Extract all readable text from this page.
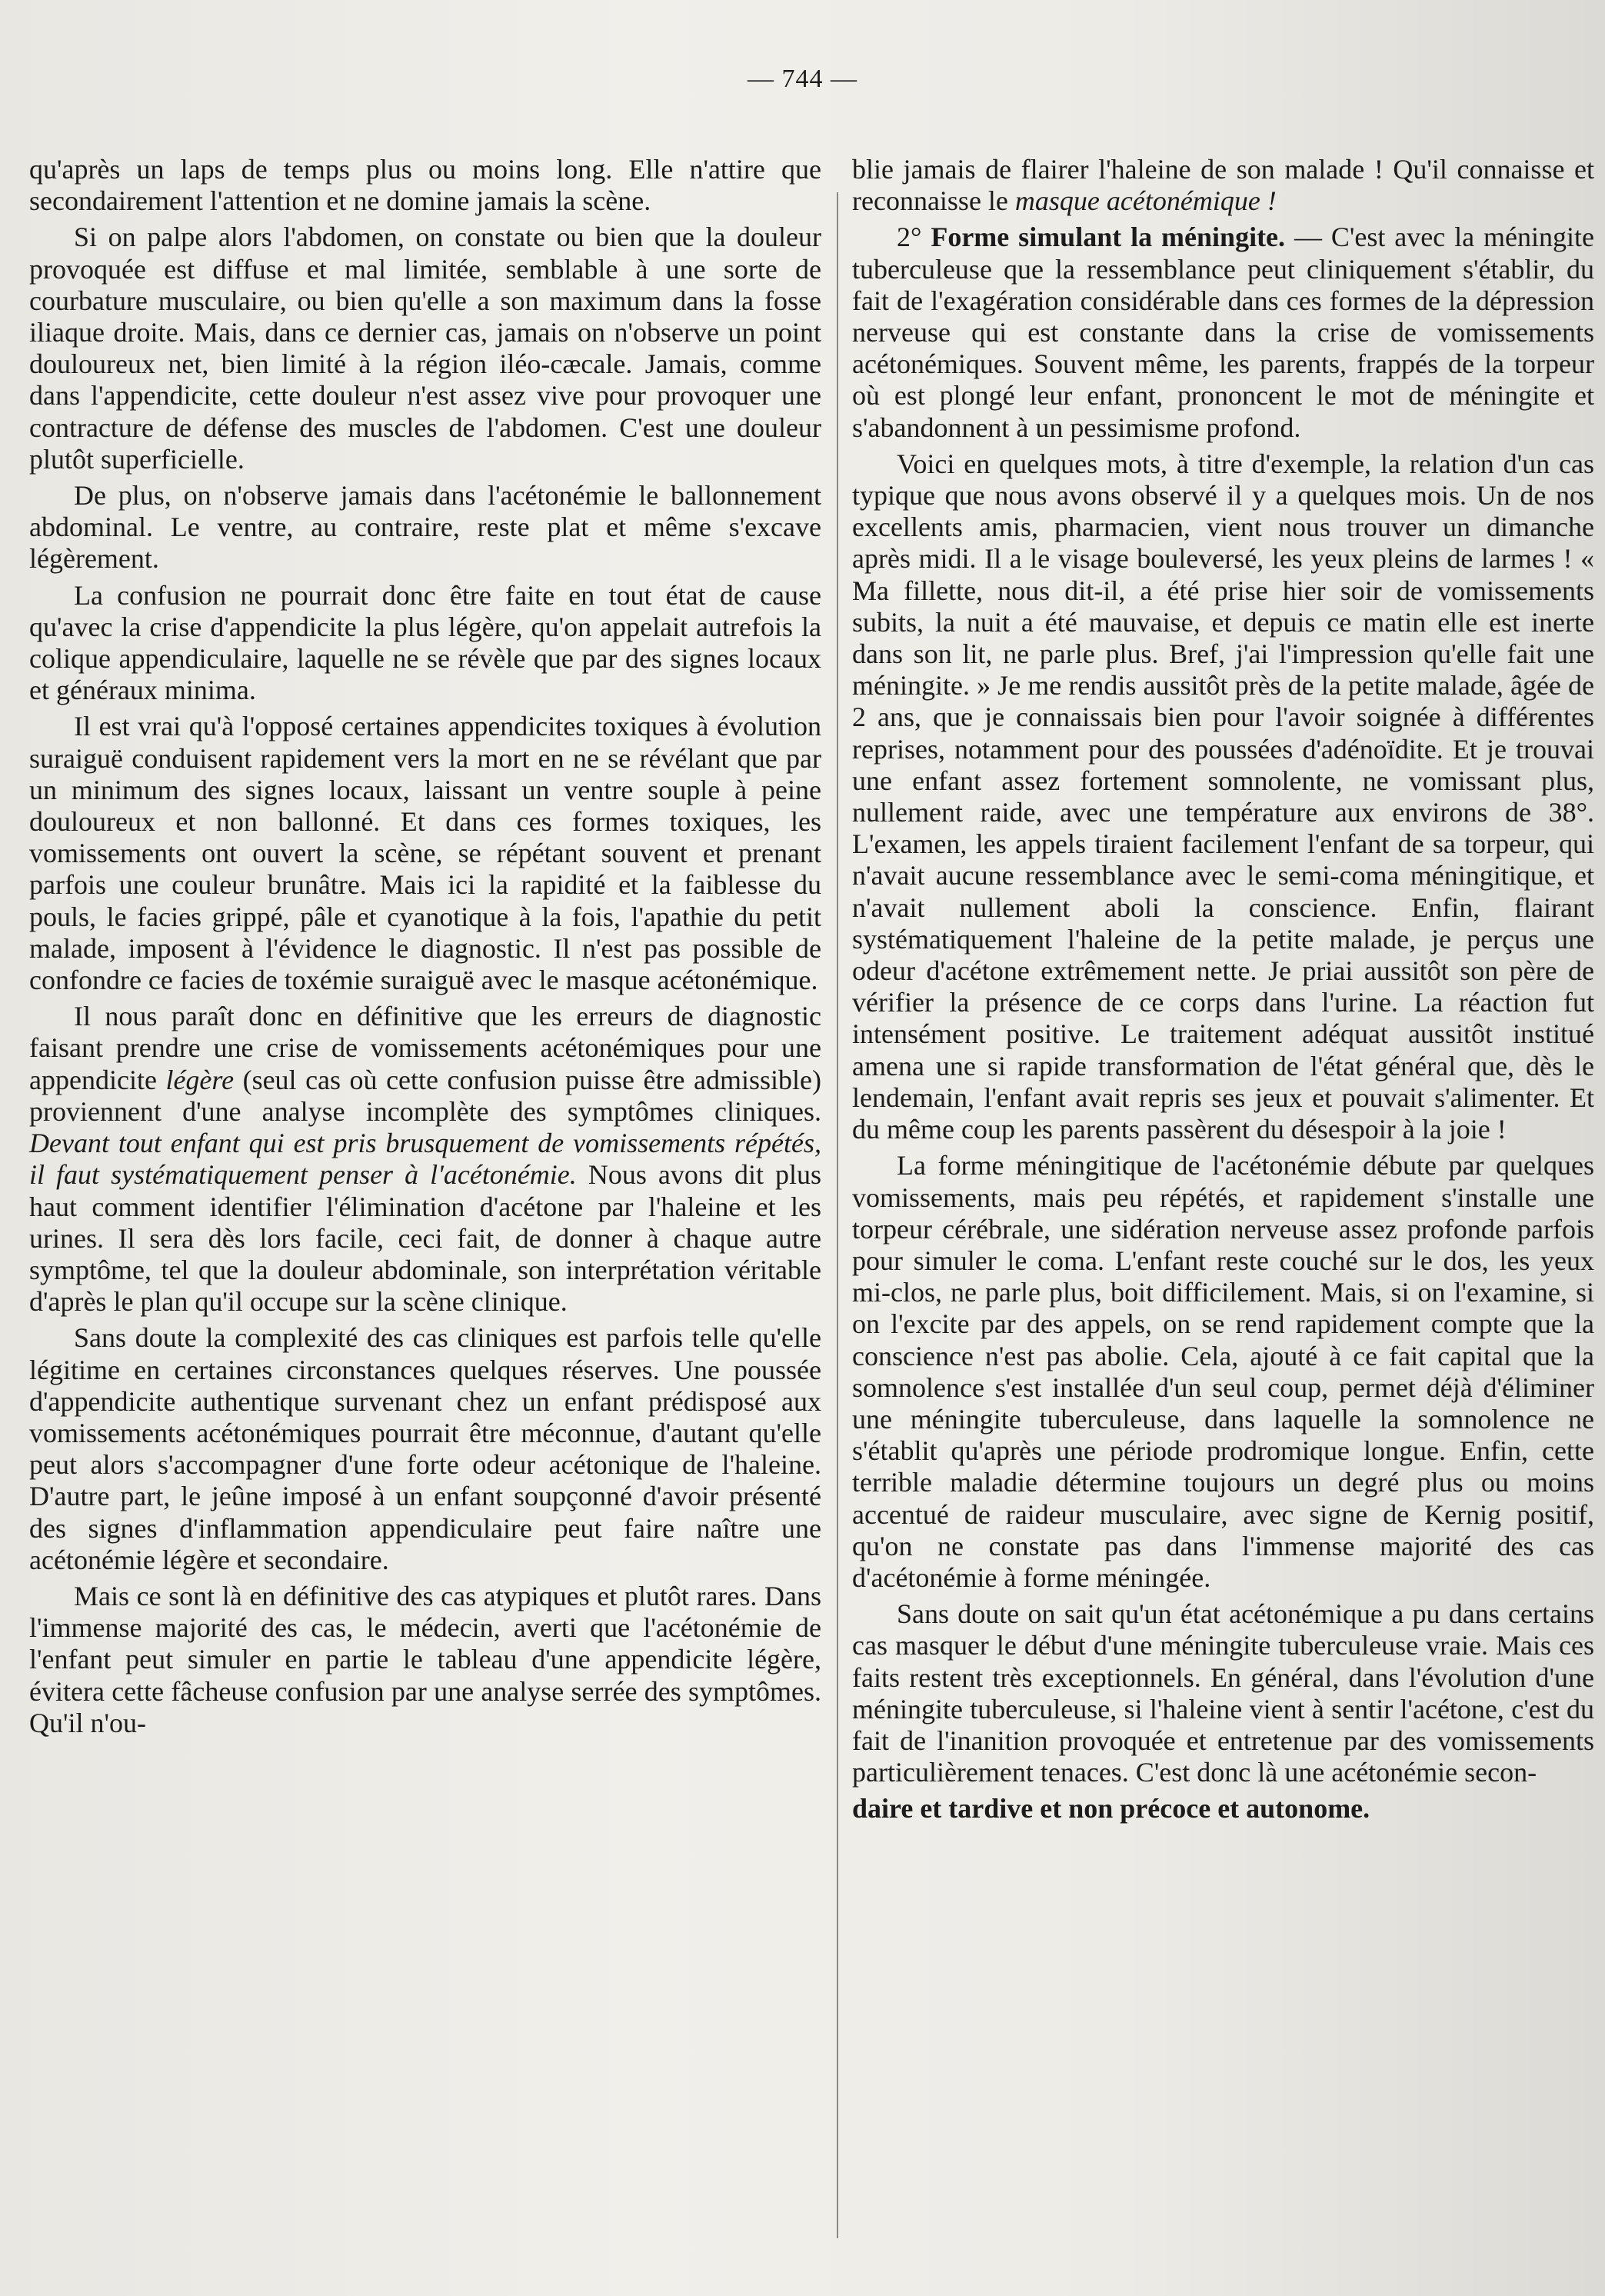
— 744 —

qu'après un laps de temps plus ou moins long. Elle n'attire que secondairement l'attention et ne domine jamais la scène.

Si on palpe alors l'abdomen, on constate ou bien que la douleur provoquée est diffuse et mal limitée, semblable à une sorte de courbature musculaire, ou bien qu'elle a son maximum dans la fosse iliaque droite. Mais, dans ce dernier cas, jamais on n'observe un point douloureux net, bien limité à la région iléo-cæcale. Jamais, comme dans l'appendicite, cette douleur n'est assez vive pour provoquer une contracture de défense des muscles de l'abdomen. C'est une douleur plutôt superficielle.

De plus, on n'observe jamais dans l'acétonémie le ballonnement abdominal. Le ventre, au contraire, reste plat et même s'excave légèrement.

La confusion ne pourrait donc être faite en tout état de cause qu'avec la crise d'appendicite la plus légère, qu'on appelait autrefois la colique appendiculaire, laquelle ne se révèle que par des signes locaux et généraux minima.

Il est vrai qu'à l'opposé certaines appendicites toxiques à évolution suraiguë conduisent rapidement vers la mort en ne se révélant que par un minimum des signes locaux, laissant un ventre souple à peine douloureux et non ballonné. Et dans ces formes toxiques, les vomissements ont ouvert la scène, se répétant souvent et prenant parfois une couleur brunâtre. Mais ici la rapidité et la faiblesse du pouls, le facies grippé, pâle et cyanotique à la fois, l'apathie du petit malade, imposent à l'évidence le diagnostic. Il n'est pas possible de confondre ce facies de toxémie suraiguë avec le masque acétonémique.

Il nous paraît donc en définitive que les erreurs de diagnostic faisant prendre une crise de vomissements acétonémiques pour une appendicite légère (seul cas où cette confusion puisse être admissible) proviennent d'une analyse incomplète des symptômes cliniques. Devant tout enfant qui est pris brusquement de vomissements répétés, il faut systématiquement penser à l'acétonémie. Nous avons dit plus haut comment identifier l'élimination d'acétone par l'haleine et les urines. Il sera dès lors facile, ceci fait, de donner à chaque autre symptôme, tel que la douleur abdominale, son interprétation véritable d'après le plan qu'il occupe sur la scène clinique.

Sans doute la complexité des cas cliniques est parfois telle qu'elle légitime en certaines circonstances quelques réserves. Une poussée d'appendicite authentique survenant chez un enfant prédisposé aux vomissements acétonémiques pourrait être méconnue, d'autant qu'elle peut alors s'accompagner d'une forte odeur acétonique de l'haleine. D'autre part, le jeûne imposé à un enfant soupçonné d'avoir présenté des signes d'inflammation appendiculaire peut faire naître une acétonémie légère et secondaire.

Mais ce sont là en définitive des cas atypiques et plutôt rares. Dans l'immense majorité des cas, le médecin, averti que l'acétonémie de l'enfant peut simuler en partie le tableau d'une appendicite légère, évitera cette fâcheuse confusion par une analyse serrée des symptômes. Qu'il n'ou-

blie jamais de flairer l'haleine de son malade ! Qu'il connaisse et reconnaisse le masque acétonémique !

2° Forme simulant la méningite. — C'est avec la méningite tuberculeuse que la ressemblance peut cliniquement s'établir, du fait de l'exagération considérable dans ces formes de la dépression nerveuse qui est constante dans la crise de vomissements acétonémiques. Souvent même, les parents, frappés de la torpeur où est plongé leur enfant, prononcent le mot de méningite et s'abandonnent à un pessimisme profond.

Voici en quelques mots, à titre d'exemple, la relation d'un cas typique que nous avons observé il y a quelques mois. Un de nos excellents amis, pharmacien, vient nous trouver un dimanche après midi. Il a le visage bouleversé, les yeux pleins de larmes ! « Ma fillette, nous dit-il, a été prise hier soir de vomissements subits, la nuit a été mauvaise, et depuis ce matin elle est inerte dans son lit, ne parle plus. Bref, j'ai l'impression qu'elle fait une méningite. » Je me rendis aussitôt près de la petite malade, âgée de 2 ans, que je connaissais bien pour l'avoir soignée à différentes reprises, notamment pour des poussées d'adénoïdite. Et je trouvai une enfant assez fortement somnolente, ne vomissant plus, nullement raide, avec une température aux environs de 38°. L'examen, les appels tiraient facilement l'enfant de sa torpeur, qui n'avait aucune ressemblance avec le semi-coma méningitique, et n'avait nullement aboli la conscience. Enfin, flairant systématiquement l'haleine de la petite malade, je perçus une odeur d'acétone extrêmement nette. Je priai aussitôt son père de vérifier la présence de ce corps dans l'urine. La réaction fut intensément positive. Le traitement adéquat aussitôt institué amena une si rapide transformation de l'état général que, dès le lendemain, l'enfant avait repris ses jeux et pouvait s'alimenter. Et du même coup les parents passèrent du désespoir à la joie !

La forme méningitique de l'acétonémie débute par quelques vomissements, mais peu répétés, et rapidement s'installe une torpeur cérébrale, une sidération nerveuse assez profonde parfois pour simuler le coma. L'enfant reste couché sur le dos, les yeux mi-clos, ne parle plus, boit difficilement. Mais, si on l'examine, si on l'excite par des appels, on se rend rapidement compte que la conscience n'est pas abolie. Cela, ajouté à ce fait capital que la somnolence s'est installée d'un seul coup, permet déjà d'éliminer une méningite tuberculeuse, dans laquelle la somnolence ne s'établit qu'après une période prodromique longue. Enfin, cette terrible maladie détermine toujours un degré plus ou moins accentué de raideur musculaire, avec signe de Kernig positif, qu'on ne constate pas dans l'immense majorité des cas d'acétonémie à forme méningée.

Sans doute on sait qu'un état acétonémique a pu dans certains cas masquer le début d'une méningite tuberculeuse vraie. Mais ces faits restent très exceptionnels. En général, dans l'évolution d'une méningite tuberculeuse, si l'haleine vient à sentir l'acétone, c'est du fait de l'inanition provoquée et entretenue par des vomissements particulièrement tenaces. C'est donc là une acétonémie secon-

daire et tardive et non précoce et autonome.
